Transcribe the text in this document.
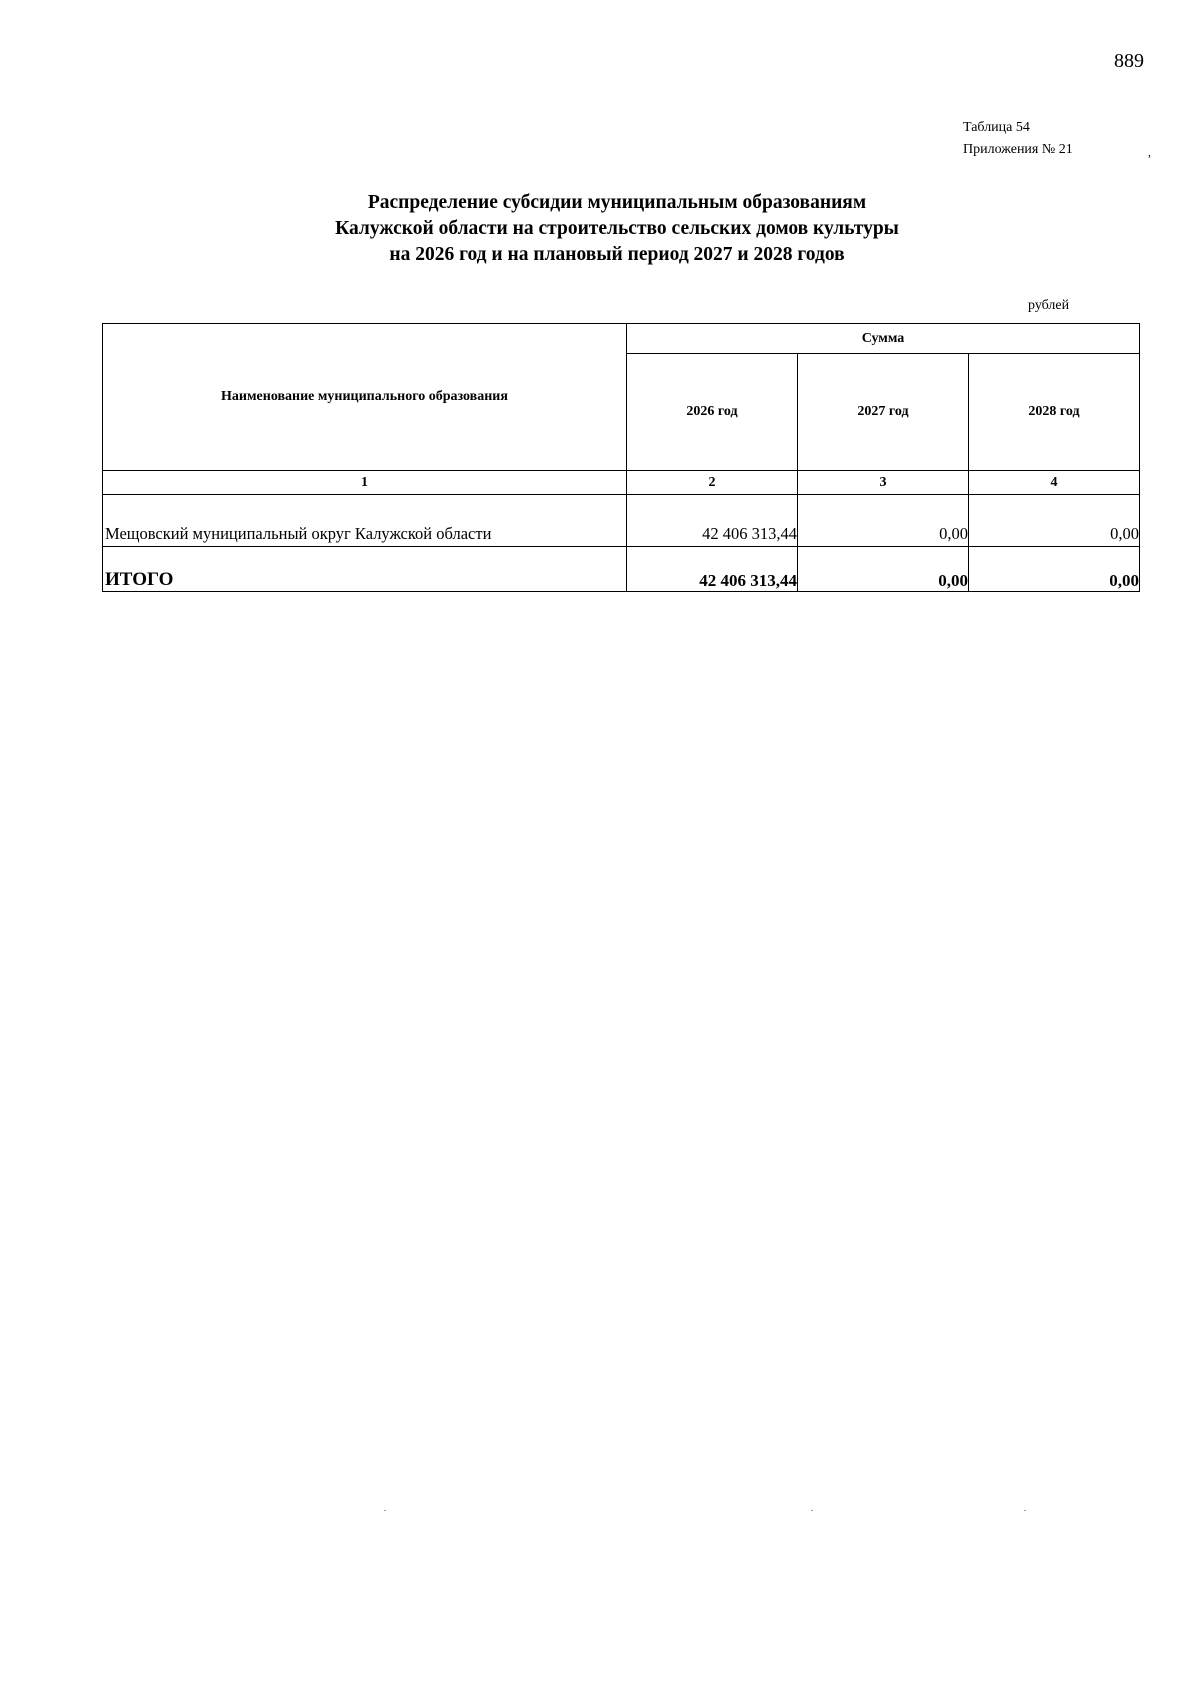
889
,
Таблица 54
Приложения № 21
Распределение субсидии муниципальным образованиям
Калужской области на строительство сельских домов культуры
на 2026 год и на плановый период 2027 и 2028 годов
рублей
Наименование муниципального образования	Сумма		
	2026 год	2027 год	2028 год
1	2	3	4
Мещовский муниципальный округ Калужской области	42 406 313,44	0,00	0,00
ИТОГО	42 406 313,44	0,00	0,00
